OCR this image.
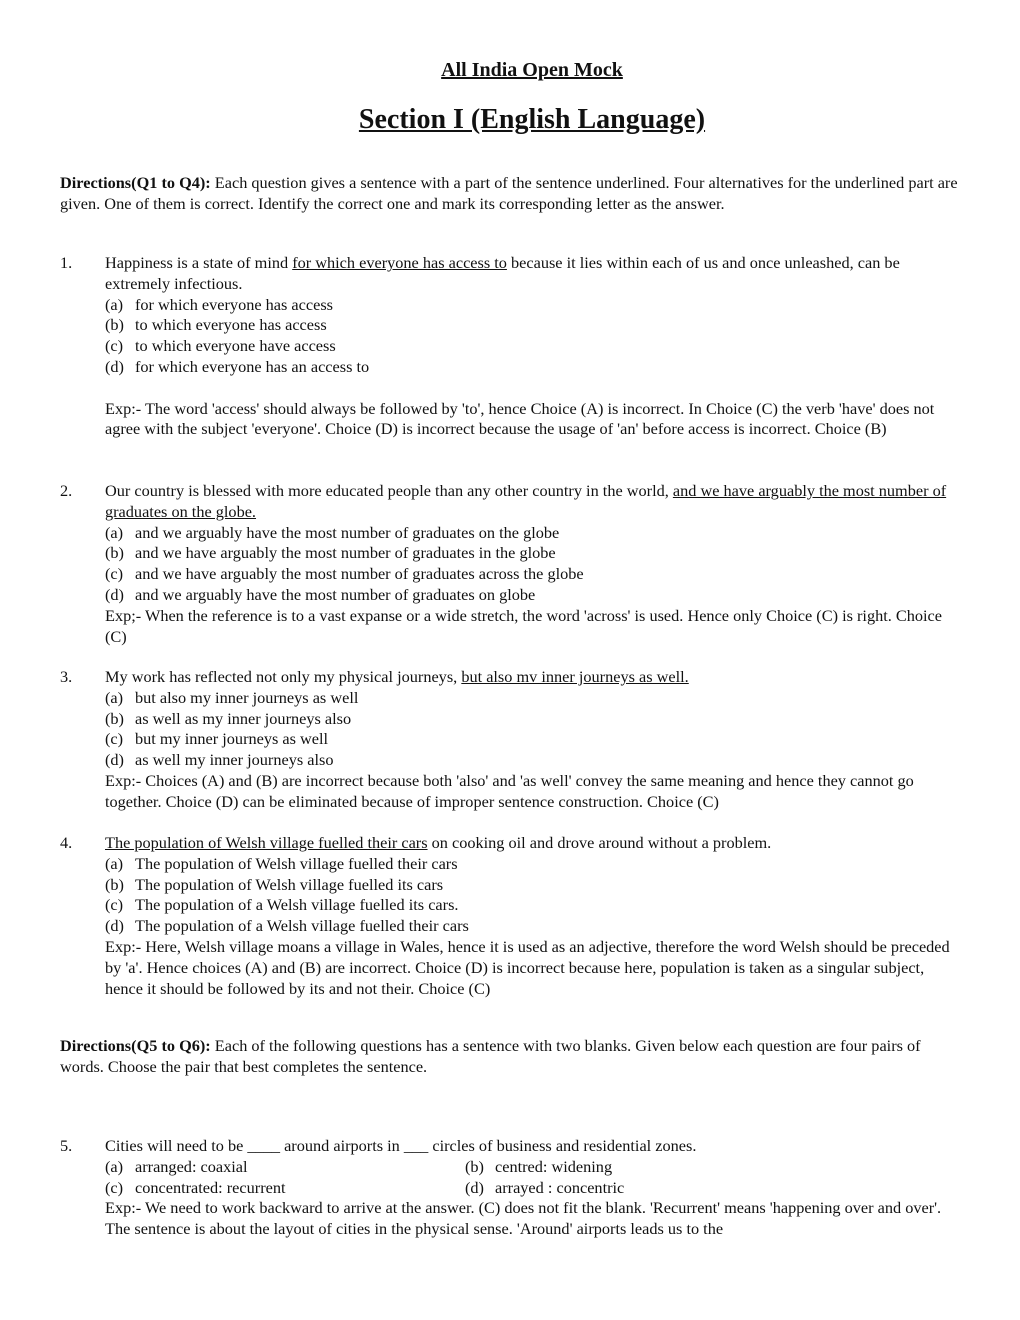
All India Open Mock
Section I (English Language)
Directions(Q1 to Q4): Each question gives a sentence with a part of the sentence underlined. Four alternatives for the underlined part are given. One of them is correct. Identify the correct one and mark its corresponding letter as the answer.
1. Happiness is a state of mind for which everyone has access to because it lies within each of us and once unleashed, can be extremely infectious.
(a) for which everyone has access
(b) to which everyone has access
(c) to which everyone have access
(d) for which everyone has an access to
Exp:- The word 'access' should always be followed by 'to', hence Choice (A) is incorrect. In Choice (C) the verb 'have' does not agree with the subject 'everyone'. Choice (D) is incorrect because the usage of 'an' before access is incorrect. Choice (B)
2. Our country is blessed with more educated people than any other country in the world, and we have arguably the most number of graduates on the globe.
(a) and we arguably have the most number of graduates on the globe
(b) and we have arguably the most number of graduates in the globe
(c) and we have arguably the most number of graduates across the globe
(d) and we arguably have the most number of graduates on globe
Exp;- When the reference is to a vast expanse or a wide stretch, the word 'across' is used. Hence only Choice (C) is right. Choice (C)
3. My work has reflected not only my physical journeys, but also mv inner journeys as well.
(a) but also my inner journeys as well
(b) as well as my inner journeys also
(c) but my inner journeys as well
(d) as well my inner journeys also
Exp:- Choices (A) and (B) are incorrect because both 'also' and 'as well' convey the same meaning and hence they cannot go together. Choice (D) can be eliminated because of improper sentence construction. Choice (C)
4. The population of Welsh village fuelled their cars on cooking oil and drove around without a problem.
(a) The population of Welsh village fuelled their cars
(b) The population of Welsh village fuelled its cars
(c) The population of a Welsh village fuelled its cars.
(d) The population of a Welsh village fuelled their cars
Exp:- Here, Welsh village moans a village in Wales, hence it is used as an adjective, therefore the word Welsh should be preceded by 'a'. Hence choices (A) and (B) are incorrect. Choice (D) is incorrect because here, population is taken as a singular subject, hence it should be followed by its and not their. Choice (C)
Directions(Q5 to Q6): Each of the following questions has a sentence with two blanks. Given below each question are four pairs of words. Choose the pair that best completes the sentence.
5. Cities will need to be ____ around airports in ___ circles of business and residential zones.
(a) arranged: coaxial	(b) centred: widening
(c) concentrated: recurrent	(d) arrayed : concentric
Exp:- We need to work backward to arrive at the answer. (C) does not fit the blank. 'Recurrent' means 'happening over and over'. The sentence is about the layout of cities in the physical sense. 'Around' airports leads us to the
